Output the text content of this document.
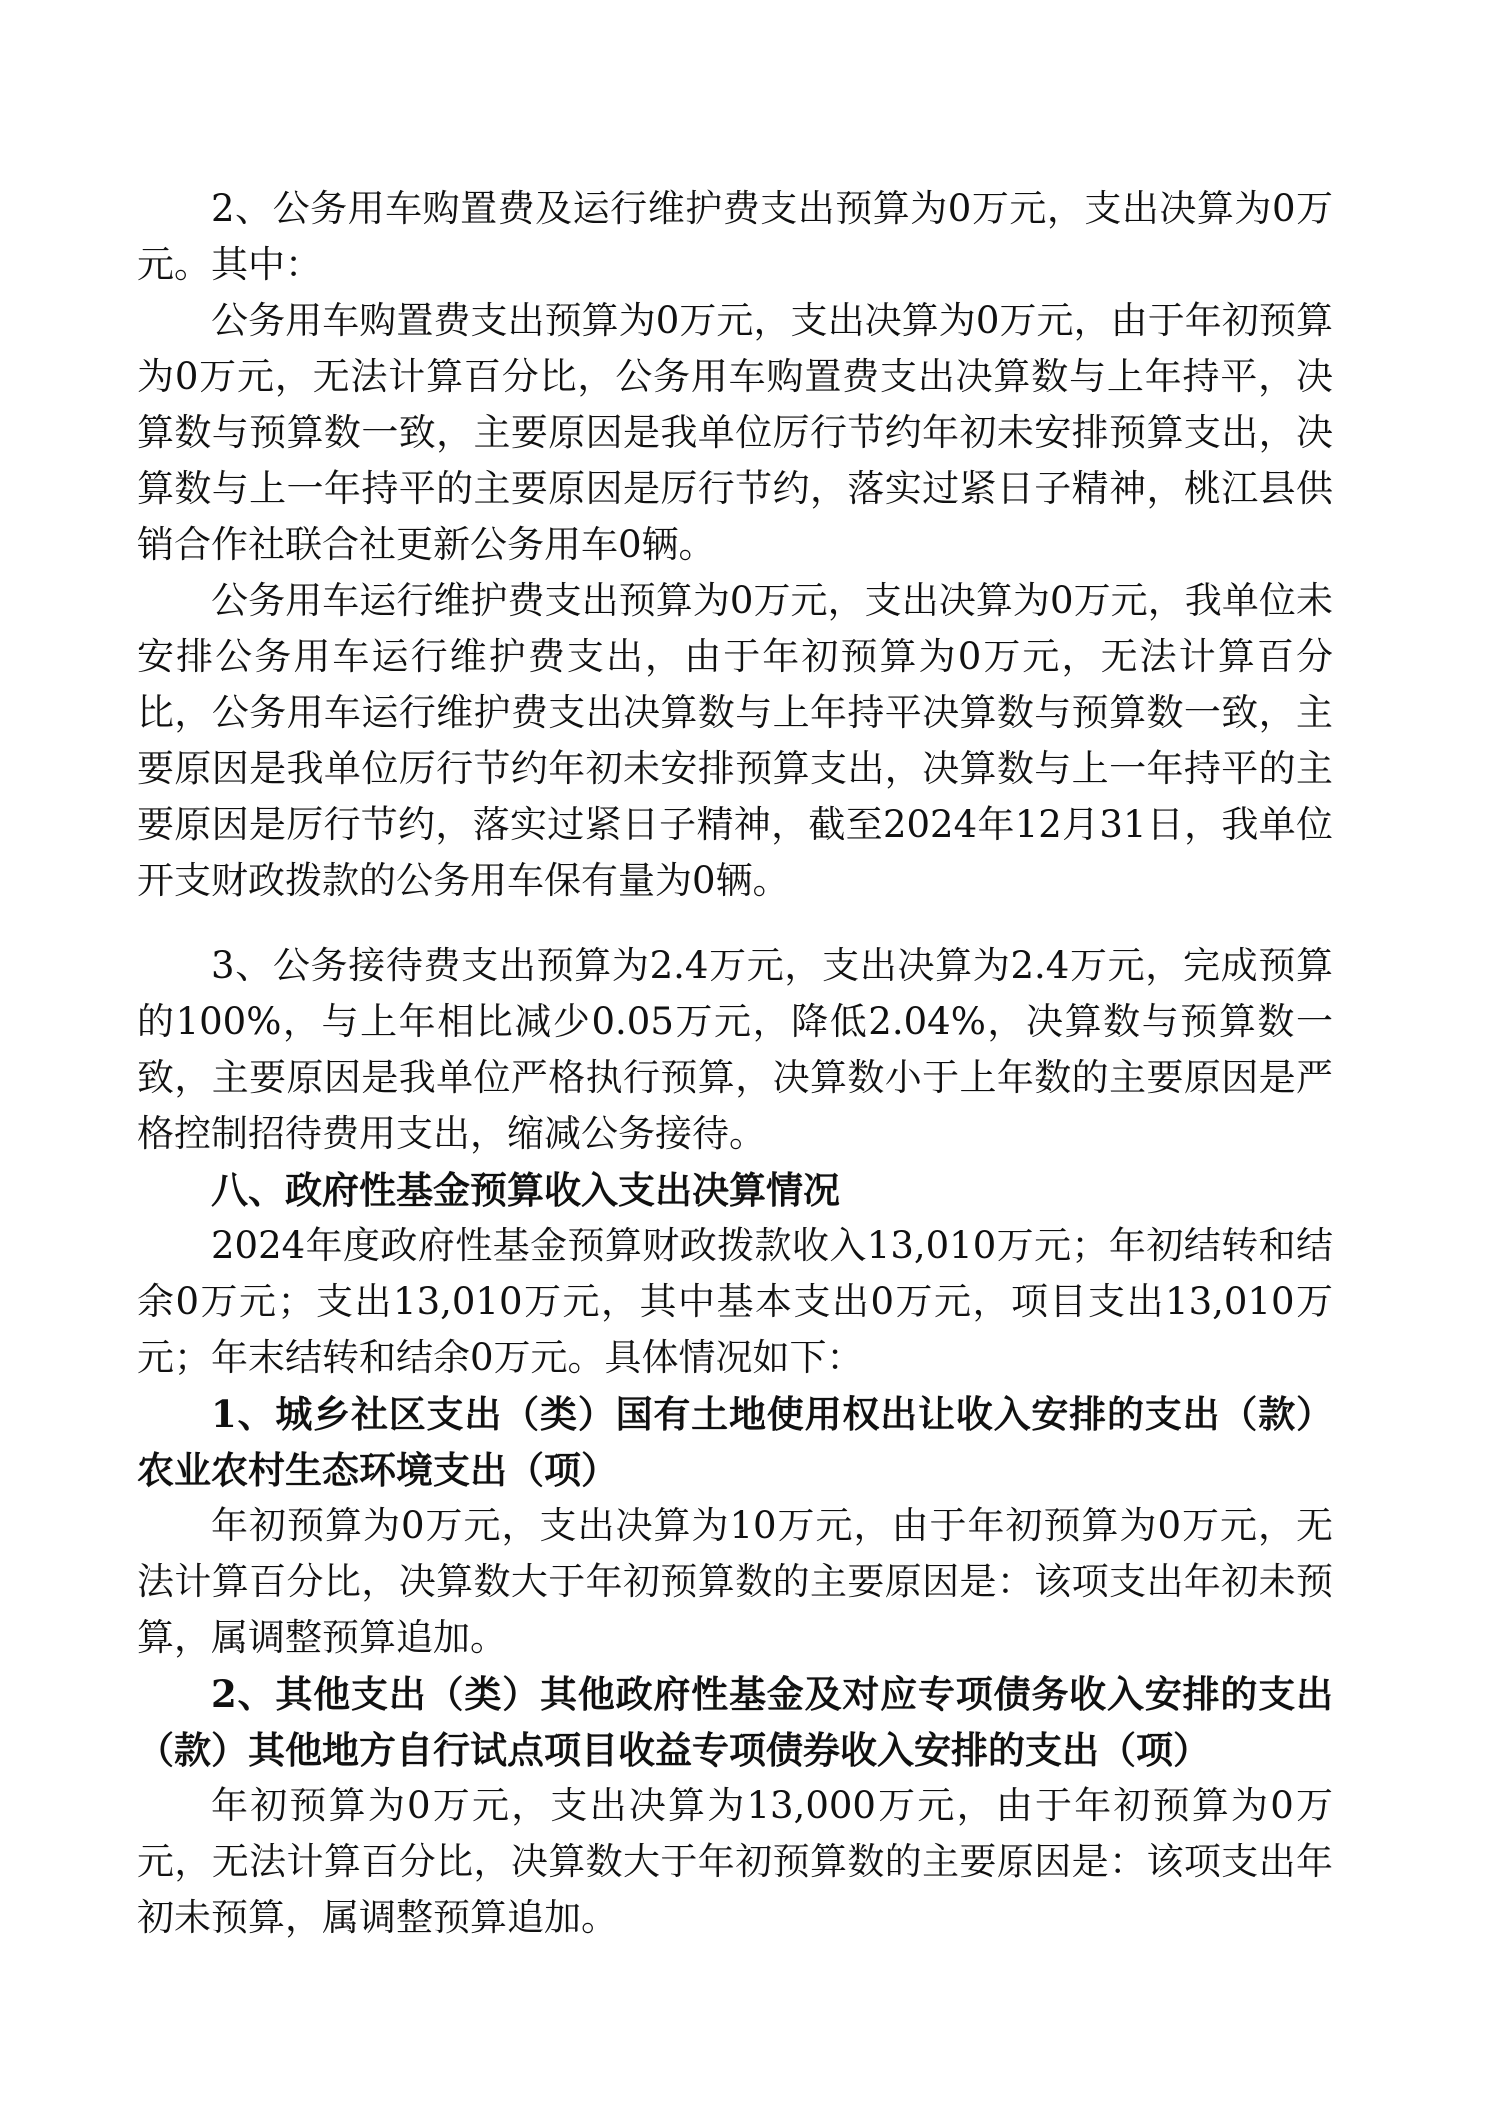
2、公务用车购置费及运行维护费支出预算为0万元，支出决算为0万元。其中：

公务用车购置费支出预算为0万元，支出决算为0万元，由于年初预算为0万元，无法计算百分比，公务用车购置费支出决算数与上年持平，决算数与预算数一致，主要原因是我单位厉行节约年初未安排预算支出，决算数与上一年持平的主要原因是厉行节约，落实过紧日子精神，桃江县供销合作社联合社更新公务用车0辆。

公务用车运行维护费支出预算为0万元，支出决算为0万元，我单位未安排公务用车运行维护费支出，由于年初预算为0万元，无法计算百分比，公务用车运行维护费支出决算数与上年持平决算数与预算数一致，主要原因是我单位厉行节约年初未安排预算支出，决算数与上一年持平的主要原因是厉行节约，落实过紧日子精神，截至2024年12月31日，我单位开支财政拨款的公务用车保有量为0辆。

3、公务接待费支出预算为2.4万元，支出决算为2.4万元，完成预算的100%，与上年相比减少0.05万元，降低2.04%，决算数与预算数一致，主要原因是我单位严格执行预算，决算数小于上年数的主要原因是严格控制招待费用支出，缩减公务接待。

八、政府性基金预算收入支出决算情况

2024年度政府性基金预算财政拨款收入13,010万元；年初结转和结余0万元；支出13,010万元，其中基本支出0万元，项目支出13,010万元；年末结转和结余0万元。具体情况如下：

1、城乡社区支出（类）国有土地使用权出让收入安排的支出（款）农业农村生态环境支出（项）

年初预算为0万元，支出决算为10万元，由于年初预算为0万元，无法计算百分比，决算数大于年初预算数的主要原因是：该项支出年初未预算，属调整预算追加。

2、其他支出（类）其他政府性基金及对应专项债务收入安排的支出（款）其他地方自行试点项目收益专项债券收入安排的支出（项）

年初预算为0万元，支出决算为13,000万元，由于年初预算为0万元，无法计算百分比，决算数大于年初预算数的主要原因是：该项支出年初未预算，属调整预算追加。
